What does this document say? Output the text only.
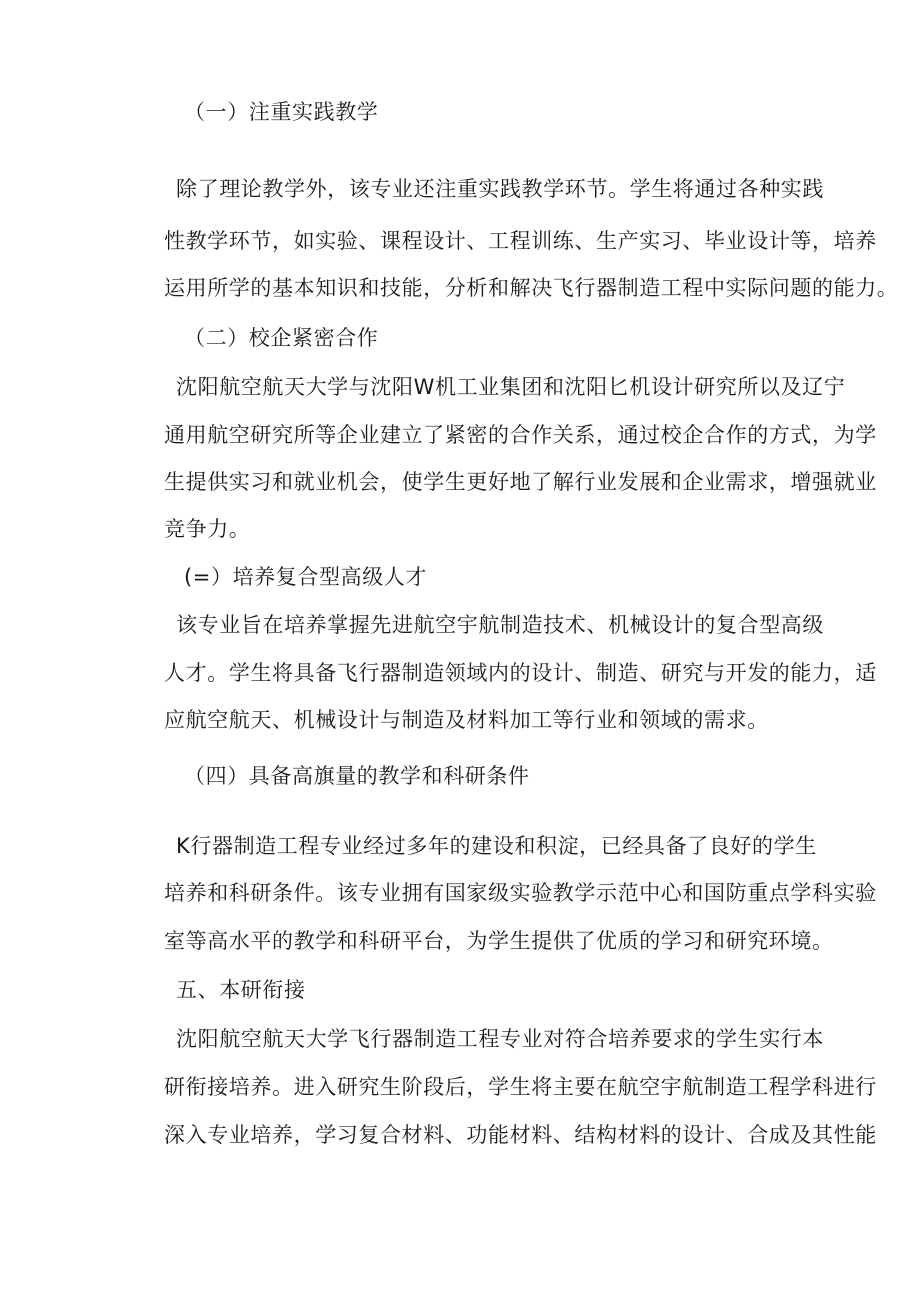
（一）注重实践教学
除了理论教学外，该专业还注重实践教学环节。学生将通过各种实践
性教学环节，如实验、课程设计、工程训练、生产实习、毕业设计等，培养
运用所学的基本知识和技能，分析和解决飞行器制造工程中实际问题的能力。
（二）校企紧密合作
沈阳航空航天大学与沈阳W机工业集团和沈阳匕机设计研究所以及辽宁
通用航空研究所等企业建立了紧密的合作关系，通过校企合作的方式，为学
生提供实习和就业机会，使学生更好地了解行业发展和企业需求，增强就业
竞争力。
(=）培养复合型高级人才
该专业旨在培养掌握先进航空宇航制造技术、机械设计的复合型高级
人才。学生将具备飞行器制造领域内的设计、制造、研究与开发的能力，适
应航空航天、机械设计与制造及材料加工等行业和领域的需求。
（四）具备高旗量的教学和科研条件
K行器制造工程专业经过多年的建设和积淀，已经具备了良好的学生
培养和科研条件。该专业拥有国家级实验教学示范中心和国防重点学科实验
室等高水平的教学和科研平台，为学生提供了优质的学习和研究环境。
五、本研衔接
沈阳航空航天大学飞行器制造工程专业对符合培养要求的学生实行本
研衔接培养。进入研究生阶段后，学生将主要在航空宇航制造工程学科进行
深入专业培养，学习复合材料、功能材料、结构材料的设计、合成及其性能
